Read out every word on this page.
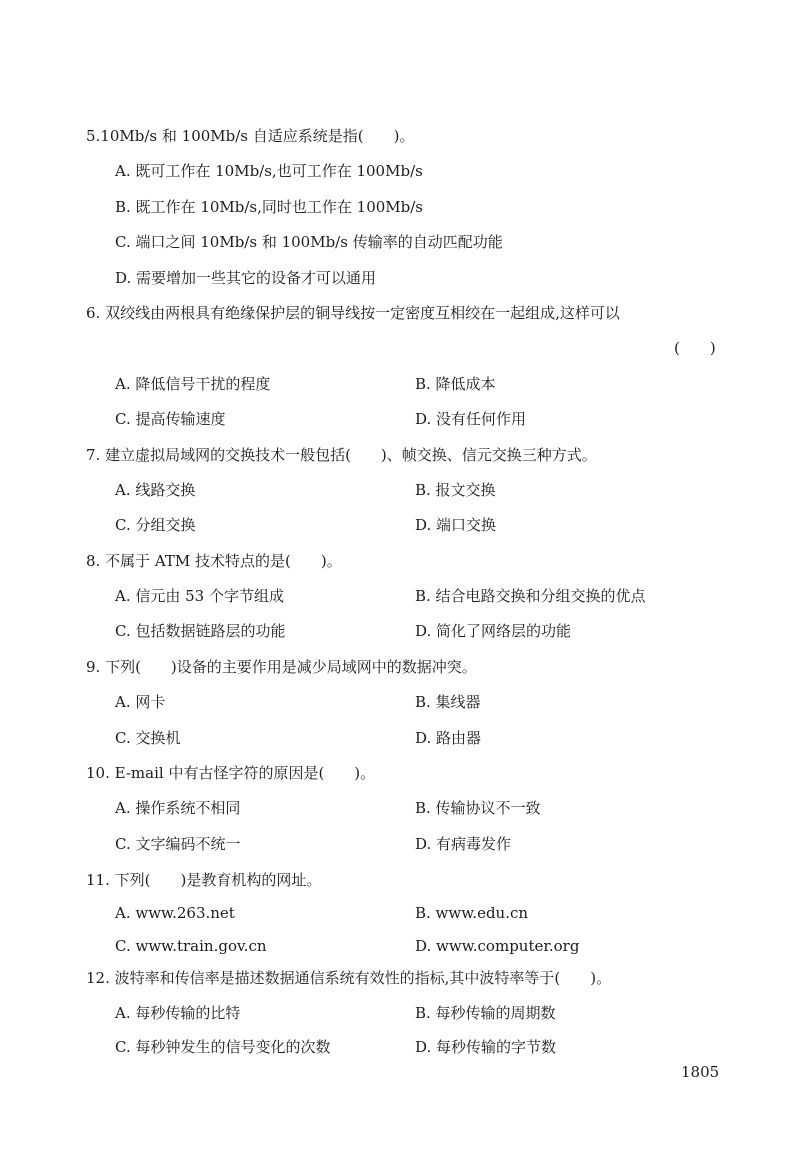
5.10Mb/s 和 100Mb/s 自适应系统是指(　　)。
A. 既可工作在 10Mb/s,也可工作在 100Mb/s
B. 既工作在 10Mb/s,同时也工作在 100Mb/s
C. 端口之间 10Mb/s 和 100Mb/s 传输率的自动匹配功能
D. 需要增加一些其它的设备才可以通用
6. 双绞线由两根具有绝缘保护层的铜导线按一定密度互相绞在一起组成,这样可以
(　　)
A. 降低信号干扰的程度	B. 降低成本
C. 提高传输速度	D. 没有任何作用
7. 建立虚拟局域网的交换技术一般包括(　　)、帧交换、信元交换三种方式。
A. 线路交换	B. 报文交换
C. 分组交换	D. 端口交换
8. 不属于 ATM 技术特点的是(　　)。
A. 信元由 53 个字节组成	B. 结合电路交换和分组交换的优点
C. 包括数据链路层的功能	D. 简化了网络层的功能
9. 下列(　　)设备的主要作用是减少局域网中的数据冲突。
A. 网卡	B. 集线器
C. 交换机	D. 路由器
10. E-mail 中有古怪字符的原因是(　　)。
A. 操作系统不相同	B. 传输协议不一致
C. 文字编码不统一	D. 有病毒发作
11. 下列(　　)是教育机构的网址。
A. www.263.net	B. www.edu.cn
C. www.train.gov.cn	D. www.computer.org
12. 波特率和传信率是描述数据通信系统有效性的指标,其中波特率等于(　　)。
A. 每秒传输的比特	B. 每秒传输的周期数
C. 每秒钟发生的信号变化的次数	D. 每秒传输的字节数
1805
